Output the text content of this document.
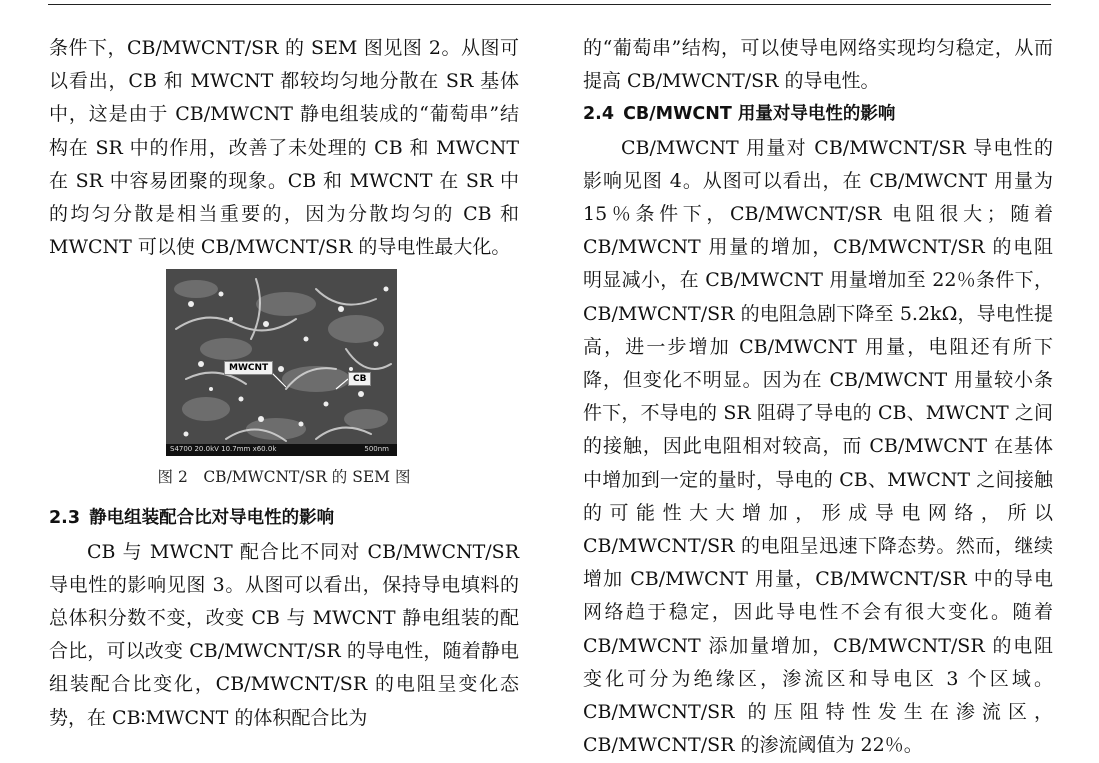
条件下，CB/MWCNT/SR 的 SEM 图见图 2。从图可以看出，CB 和 MWCNT 都较均匀地分散在 SR 基体中，这是由于 CB/MWCNT 静电组装成的“葡萄串”结构在 SR 中的作用，改善了未处理的 CB 和 MWCNT 在 SR 中容易团聚的现象。CB 和 MWCNT 在 SR 中的均匀分散是相当重要的，因为分散均匀的 CB 和 MWCNT 可以使 CB/MWCNT/SR 的导电性最大化。

MWCNT
CB
S4700 20.0kV 10.7mm x60.0k	500nm

图 2　CB/MWCNT/SR 的 SEM 图

2.3 静电组装配合比对导电性的影响

CB 与 MWCNT 配合比不同对 CB/MWCNT/SR 导电性的影响见图 3。从图可以看出，保持导电填料的总体积分数不变，改变 CB 与 MWCNT 静电组装的配合比，可以改变 CB/MWCNT/SR 的导电性，随着静电组装配合比变化，CB/MWCNT/SR 的电阻呈变化态势，在 CB∶MWCNT 的体积配合比为

的“葡萄串”结构，可以使导电网络实现均匀稳定，从而提高 CB/MWCNT/SR 的导电性。

2.4 CB/MWCNT 用量对导电性的影响

CB/MWCNT 用量对 CB/MWCNT/SR 导电性的影响见图 4。从图可以看出，在 CB/MWCNT 用量为 15％条件下，CB/MWCNT/SR 电阻很大；随着 CB/MWCNT 用量的增加，CB/MWCNT/SR 的电阻明显减小，在 CB/MWCNT 用量增加至 22％条件下，CB/MWCNT/SR 的电阻急剧下降至 5.2kΩ，导电性提高，进一步增加 CB/MWCNT 用量，电阻还有所下降，但变化不明显。因为在 CB/MWCNT 用量较小条件下，不导电的 SR 阻碍了导电的 CB、MWCNT 之间的接触，因此电阻相对较高，而 CB/MWCNT 在基体中增加到一定的量时，导电的 CB、MWCNT 之间接触的可能性大大增加，形成导电网络，所以 CB/MWCNT/SR 的电阻呈迅速下降态势。然而，继续增加 CB/MWCNT 用量，CB/MWCNT/SR 中的导电网络趋于稳定，因此导电性不会有很大变化。随着 CB/MWCNT 添加量增加，CB/MWCNT/SR 的电阻变化可分为绝缘区，渗流区和导电区 3 个区域。CB/MWCNT/SR 的压阻特性发生在渗流区，CB/MWCNT/SR 的渗流阈值为 22％。
